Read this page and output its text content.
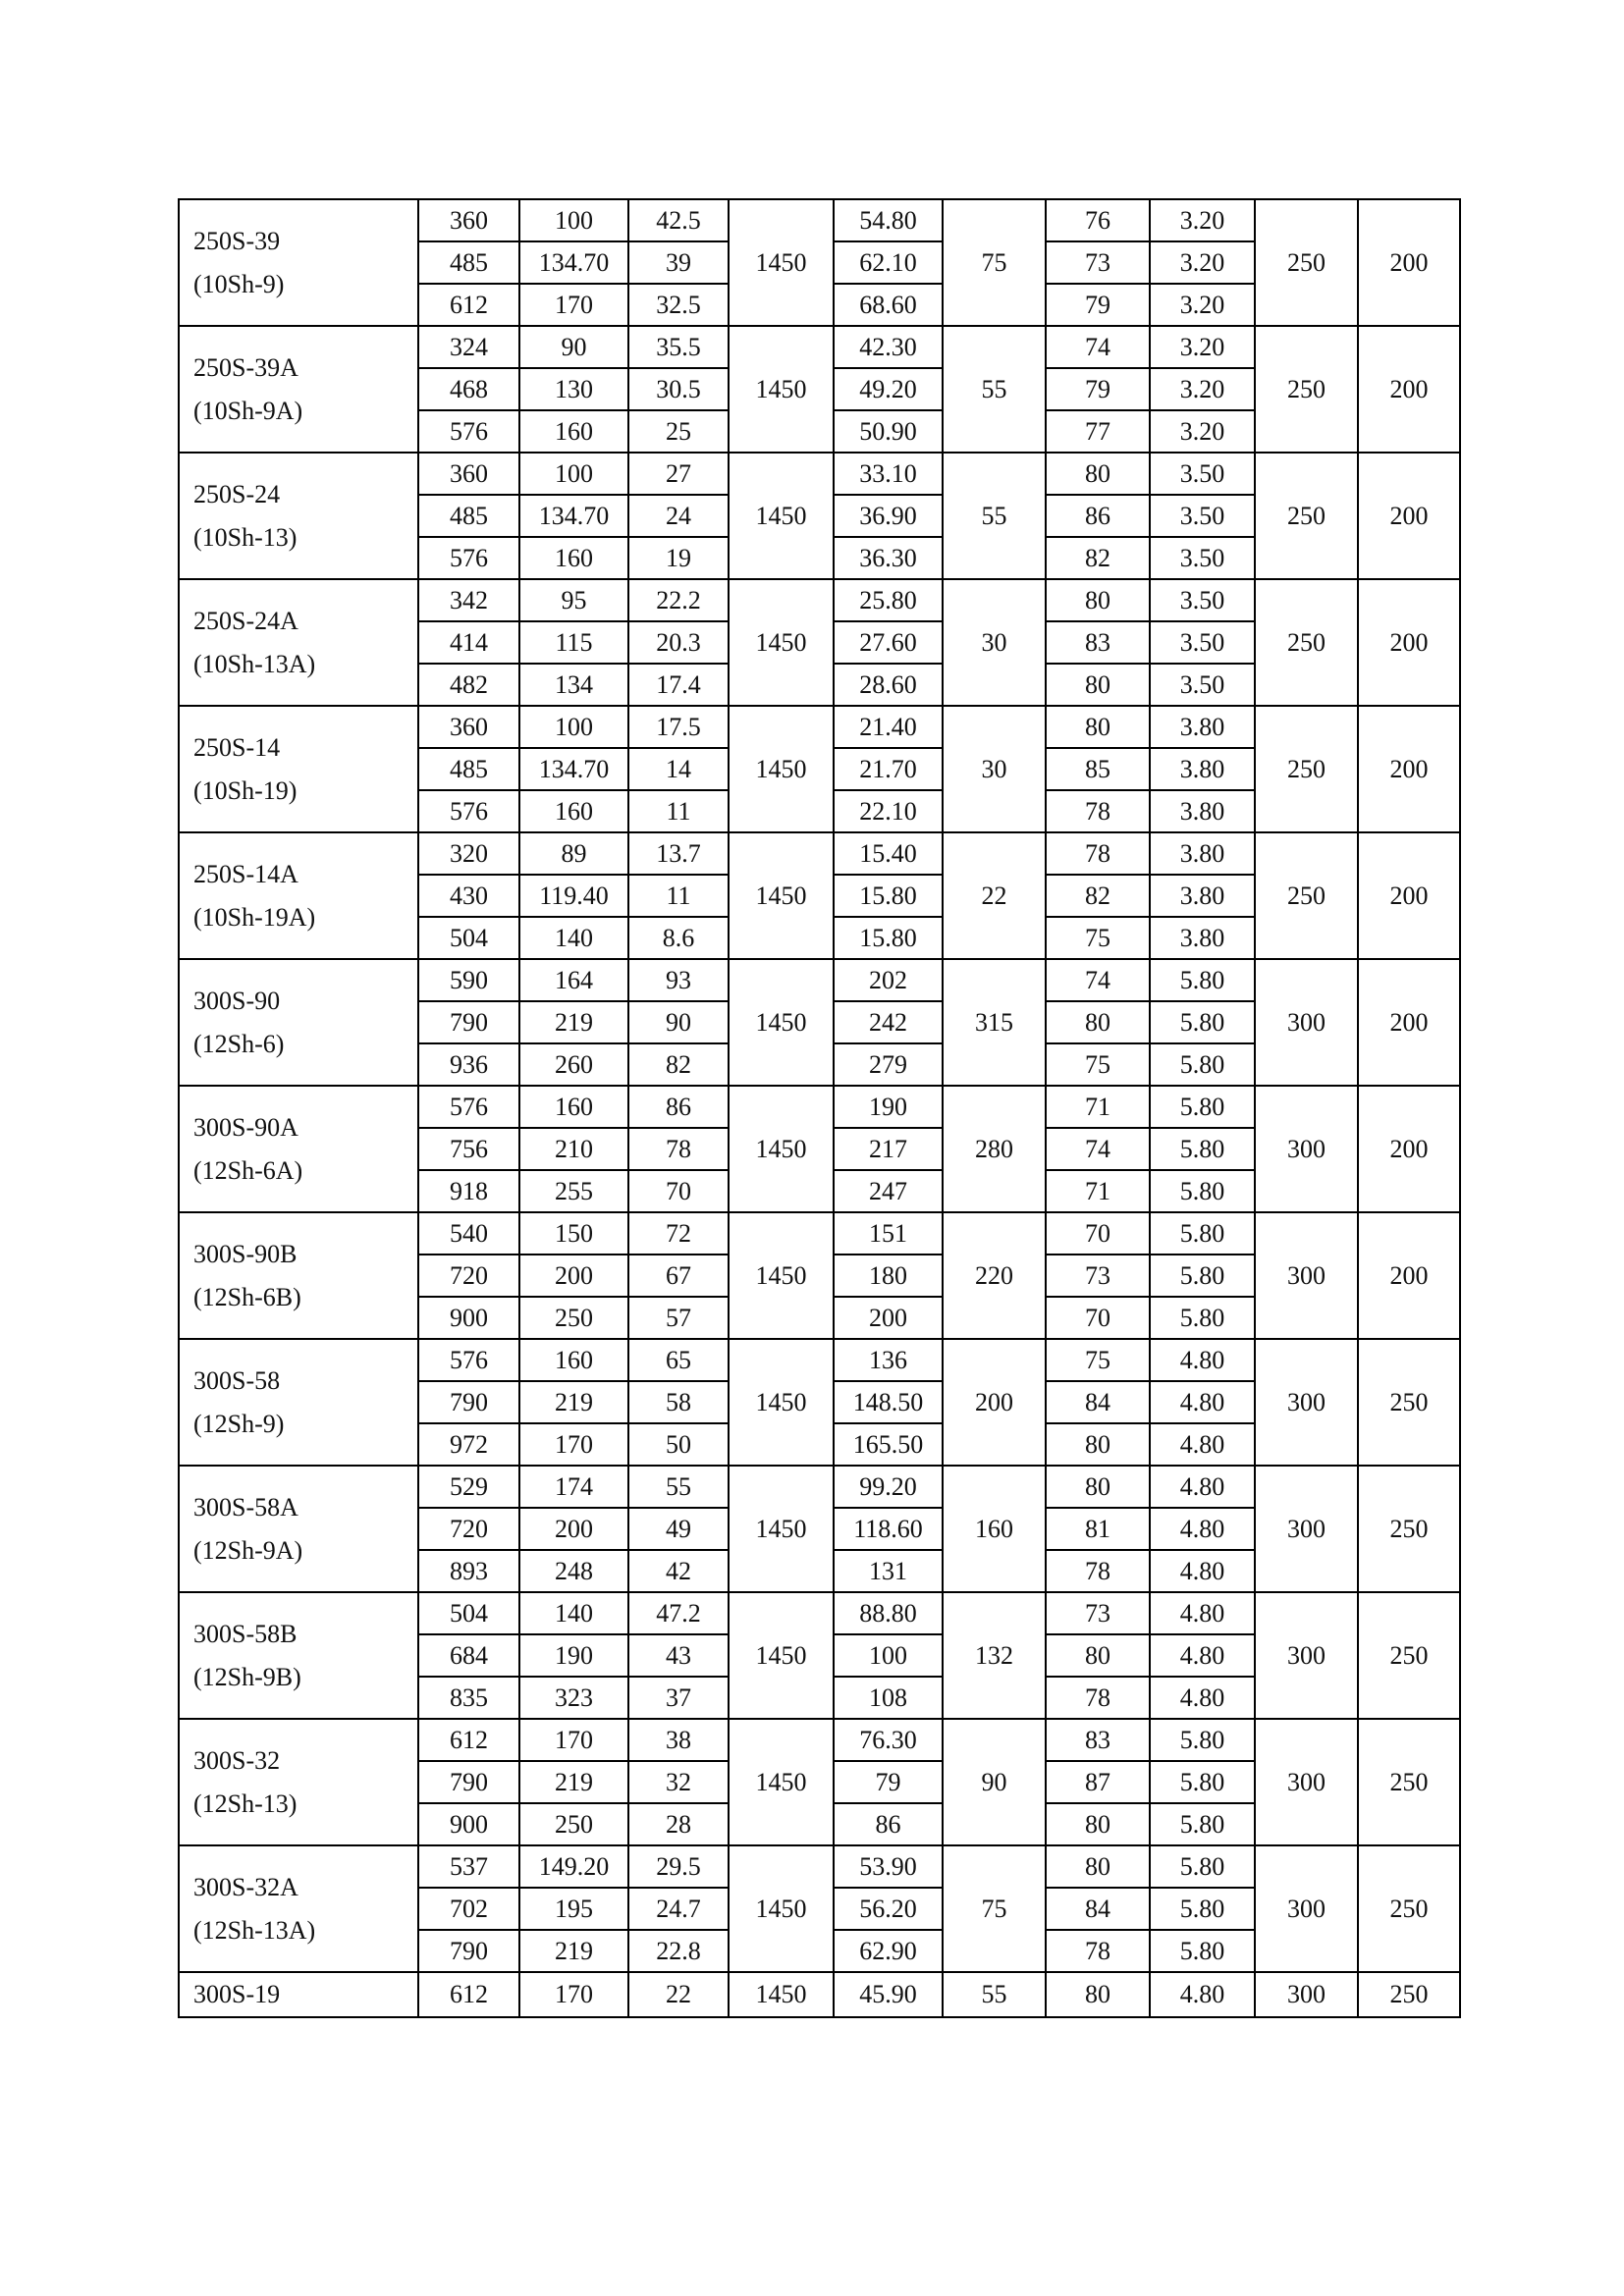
250S-39
(10Sh-9)	360	100	42.5	1450	54.80	75	76	3.20	250	200
	485	134.70	39		62.10		73	3.20		
	612	170	32.5		68.60		79	3.20		

250S-39A
(10Sh-9A)	324	90	35.5	1450	42.30	55	74	3.20	250	200
	468	130	30.5		49.20		79	3.20		
	576	160	25		50.90		77	3.20		

250S-24
(10Sh-13)	360	100	27	1450	33.10	55	80	3.50	250	200
	485	134.70	24		36.90		86	3.50		
	576	160	19		36.30		82	3.50		

250S-24A
(10Sh-13A)	342	95	22.2	1450	25.80	30	80	3.50	250	200
	414	115	20.3		27.60		83	3.50		
	482	134	17.4		28.60		80	3.50		

250S-14
(10Sh-19)	360	100	17.5	1450	21.40	30	80	3.80	250	200
	485	134.70	14		21.70		85	3.80		
	576	160	11		22.10		78	3.80		

250S-14A
(10Sh-19A)	320	89	13.7	1450	15.40	22	78	3.80	250	200
	430	119.40	11		15.80		82	3.80		
	504	140	8.6		15.80		75	3.80		

300S-90
(12Sh-6)	590	164	93	1450	202	315	74	5.80	300	200
	790	219	90		242		80	5.80		
	936	260	82		279		75	5.80		

300S-90A
(12Sh-6A)	576	160	86	1450	190	280	71	5.80	300	200
	756	210	78		217		74	5.80		
	918	255	70		247		71	5.80		

300S-90B
(12Sh-6B)	540	150	72	1450	151	220	70	5.80	300	200
	720	200	67		180		73	5.80		
	900	250	57		200		70	5.80		

300S-58
(12Sh-9)	576	160	65	1450	136	200	75	4.80	300	250
	790	219	58		148.50		84	4.80		
	972	170	50		165.50		80	4.80		

300S-58A
(12Sh-9A)	529	174	55	1450	99.20	160	80	4.80	300	250
	720	200	49		118.60		81	4.80		
	893	248	42		131		78	4.80		

300S-58B
(12Sh-9B)	504	140	47.2	1450	88.80	132	73	4.80	300	250
	684	190	43		100		80	4.80		
	835	323	37		108		78	4.80		

300S-32
(12Sh-13)	612	170	38	1450	76.30	90	83	5.80	300	250
	790	219	32		79		87	5.80		
	900	250	28		86		80	5.80		

300S-32A
(12Sh-13A)	537	149.20	29.5	1450	53.90	75	80	5.80	300	250
	702	195	24.7		56.20		84	5.80		
	790	219	22.8		62.90		78	5.80		

300S-19	612	170	22	1450	45.90	55	80	4.80	300	250
